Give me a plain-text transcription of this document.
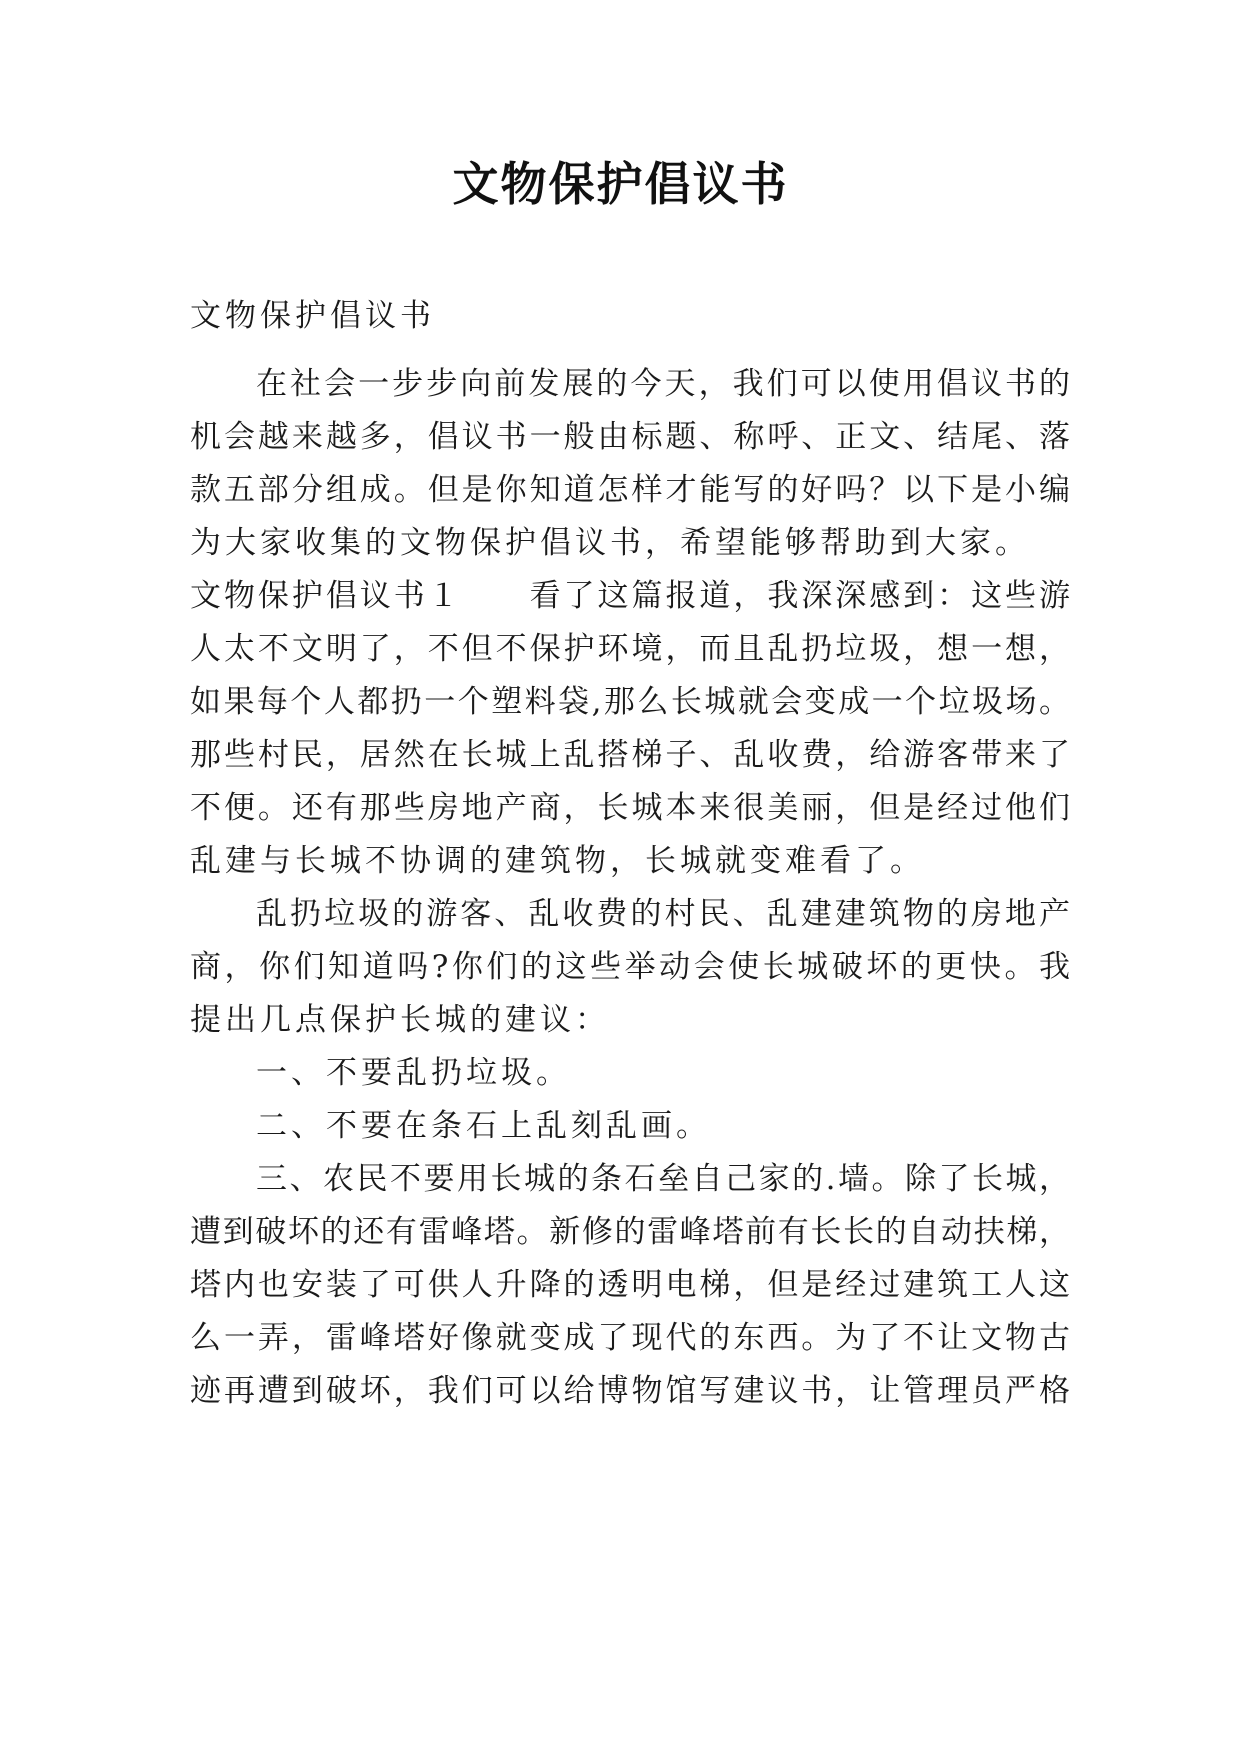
文物保护倡议书
文物保护倡议书
在社会一步步向前发展的今天，我们可以使用倡议书的
机会越来越多，倡议书一般由标题、称呼、正文、结尾、落
款五部分组成。但是你知道怎样才能写的好吗？以下是小编
为大家收集的文物保护倡议书，希望能够帮助到大家。
文物保护倡议书１　　看了这篇报道，我深深感到：这些游
人太不文明了，不但不保护环境，而且乱扔垃圾，想一想，
如果每个人都扔一个塑料袋,那么长城就会变成一个垃圾场。
那些村民，居然在长城上乱搭梯子、乱收费，给游客带来了
不便。还有那些房地产商，长城本来很美丽，但是经过他们
乱建与长城不协调的建筑物，长城就变难看了。
乱扔垃圾的游客、乱收费的村民、乱建建筑物的房地产
商，你们知道吗?你们的这些举动会使长城破坏的更快。我
提出几点保护长城的建议：
一、不要乱扔垃圾。
二、不要在条石上乱刻乱画。
三、农民不要用长城的条石垒自己家的.墙。除了长城，
遭到破坏的还有雷峰塔。新修的雷峰塔前有长长的自动扶梯，
塔内也安装了可供人升降的透明电梯，但是经过建筑工人这
么一弄，雷峰塔好像就变成了现代的东西。为了不让文物古
迹再遭到破坏，我们可以给博物馆写建议书，让管理员严格
